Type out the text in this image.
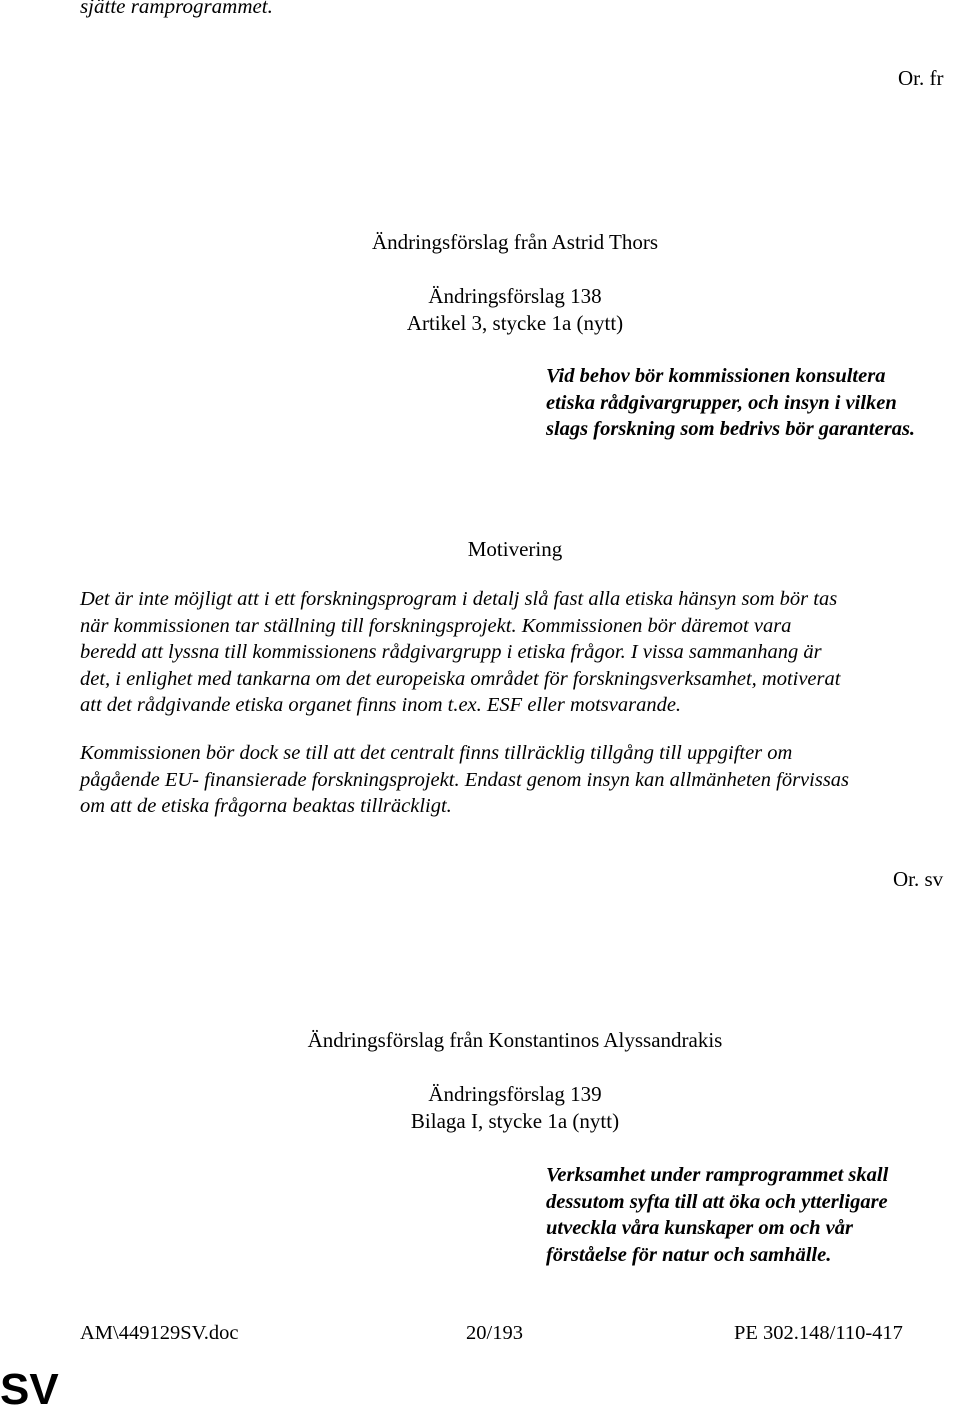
sjätte ramprogrammet.
Or. fr
Ändringsförslag från Astrid Thors
Ändringsförslag 138
Artikel 3, stycke 1a (nytt)
Vid behov bör kommissionen konsultera
etiska rådgivargrupper, och insyn i vilken
slags forskning som bedrivs bör garanteras.
Motivering
Det är inte möjligt att i ett forskningsprogram i detalj slå fast alla etiska hänsyn som bör tas
när kommissionen tar ställning till forskningsprojekt. Kommissionen bör däremot vara
beredd att lyssna till kommissionens rådgivargrupp i etiska frågor. I vissa sammanhang är
det, i enlighet med tankarna om det europeiska området för forskningsverksamhet, motiverat
att det rådgivande etiska organet finns inom t.ex. ESF eller motsvarande.
Kommissionen bör dock se till att det centralt finns tillräcklig tillgång till uppgifter om
pågående EU- finansierade forskningsprojekt. Endast genom insyn kan allmänheten förvissas
om att de etiska frågorna beaktas tillräckligt.
Or. sv
Ändringsförslag från Konstantinos Alyssandrakis
Ändringsförslag 139
Bilaga I, stycke 1a (nytt)
Verksamhet under ramprogrammet skall
dessutom syfta till att öka och ytterligare
utveckla våra kunskaper om och vår
förståelse för natur och samhälle.
AM\449129SV.doc	20/193	PE 302.148/110-417
SV
